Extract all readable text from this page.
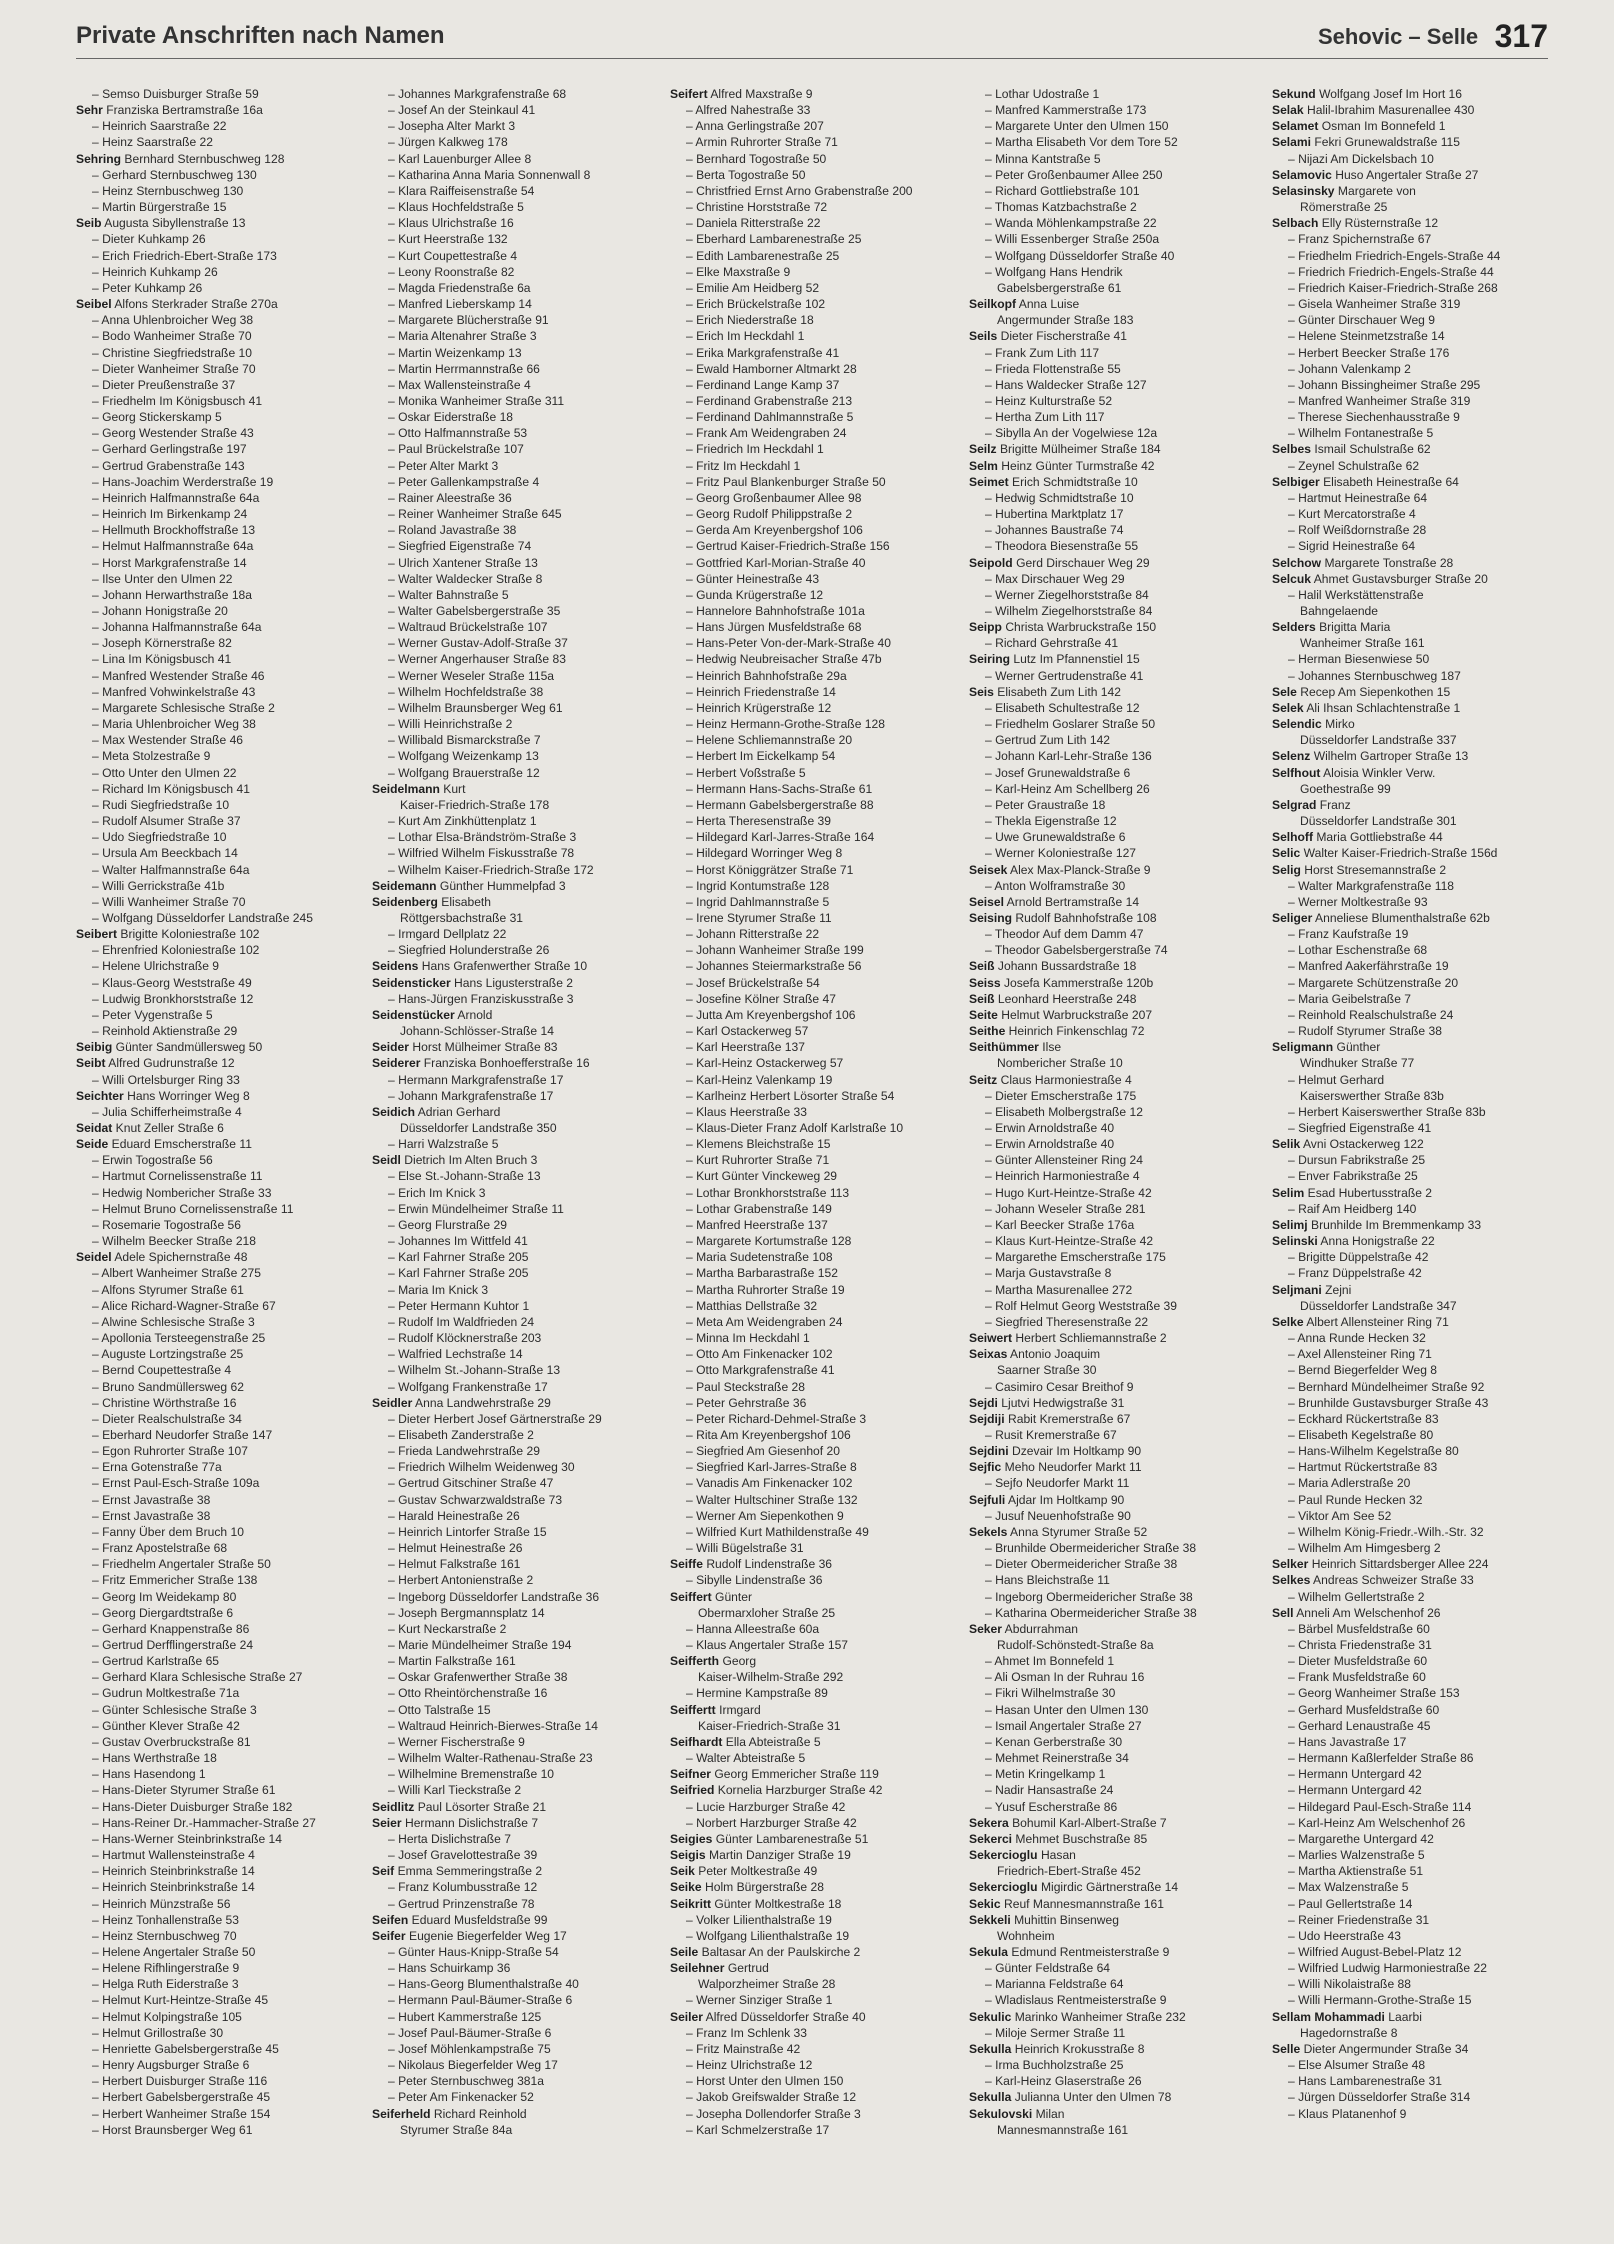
Private Anschriften nach Namen	Sehovic – Selle 317
– Semso Duisburger Straße 59
Sehr Franziska Bertramstraße 16a
– Heinrich Saarstraße 22
– Heinz Saarstraße 22
Sehring Bernhard Sternbuschweg 128
– Gerhard Sternbuschweg 130
– Heinz Sternbuschweg 130
– Martin Bürgerstraße 15
Seib Augusta Sibyllenstraße 13
– Dieter Kuhkamp 26
– Erich Friedrich-Ebert-Straße 173
– Heinrich Kuhkamp 26
– Peter Kuhkamp 26
Seibel Alfons Sterkrader Straße 270a
– Anna Uhlenbroicher Weg 38
– Bodo Wanheimer Straße 70
– Christine Siegfriedstraße 10
– Dieter Wanheimer Straße 70
– Dieter Preußenstraße 37
– Friedhelm Im Königsbusch 41
– Georg Stickerskamp 5
– Georg Westender Straße 43
– Gerhard Gerlingstraße 197
– Gertrud Grabenstraße 143
– Hans-Joachim Werderstraße 19
– Heinrich Halfmannstraße 64a
– Heinrich Im Birkenkamp 24
– Hellmuth Brockhoffstraße 13
– Helmut Halfmannstraße 64a
– Horst Markgrafenstraße 14
– Ilse Unter den Ulmen 22
– Johann Herwarthstraße 18a
– Johann Honigstraße 20
– Johanna Halfmannstraße 64a
– Joseph Körnerstraße 82
– Lina Im Königsbusch 41
– Manfred Westender Straße 46
– Manfred Vohwinkelstraße 43
– Margarete Schlesische Straße 2
– Maria Uhlenbroicher Weg 38
– Max Westender Straße 46
– Meta Stolzestraße 9
– Otto Unter den Ulmen 22
– Richard Im Königsbusch 41
– Rudi Siegfriedstraße 10
– Rudolf Alsumer Straße 37
– Udo Siegfriedstraße 10
– Ursula Am Beeckbach 14
– Walter Halfmannstraße 64a
– Willi Gerrickstraße 41b
– Willi Wanheimer Straße 70
– Wolfgang Düsseldorfer Landstraße 245
Seibert Brigitte Koloniestraße 102
– Ehrenfried Koloniestraße 102
– Helene Ulrichstraße 9
– Klaus-Georg Weststraße 49
– Ludwig Bronkhorststraße 12
– Peter Vygenstraße 5
– Reinhold Aktienstraße 29
Seibig Günter Sandmüllersweg 50
Seibt Alfred Gudrunstraße 12
– Willi Ortelsburger Ring 33
Seichter Hans Worringer Weg 8
– Julia Schifferheimstraße 4
Seidat Knut Zeller Straße 6
Seide Eduard Emscherstraße 11
– Erwin Togostraße 56
– Hartmut Cornelissenstraße 11
– Hedwig Nombericher Straße 33
– Helmut Bruno Cornelissenstraße 11
– Rosemarie Togostraße 56
– Wilhelm Beecker Straße 218
Seidel Adele Spichernstraße 48
– Albert Wanheimer Straße 275
– Alfons Styrumer Straße 61
– Alice Richard-Wagner-Straße 67
– Alwine Schlesische Straße 3
– Apollonia Tersteegenstraße 25
– Auguste Lortzingstraße 25
– Bernd Coupettestraße 4
– Bruno Sandmüllersweg 62
– Christine Wörthstraße 16
– Dieter Realschulstraße 34
– Eberhard Neudorfer Straße 147
– Egon Ruhrorter Straße 107
– Erna Gotenstraße 77a
– Ernst Paul-Esch-Straße 109a
– Ernst Javastraße 38
– Ernst Javastraße 38
– Fanny Über dem Bruch 10
– Franz Apostelstraße 68
– Friedhelm Angertaler Straße 50
– Fritz Emmericher Straße 138
– Georg Im Weidekamp 80
– Georg Diergardtstraße 6
– Gerhard Knappenstraße 86
– Gertrud Derfflingerstraße 24
– Gertrud Karlstraße 65
– Gerhard Klara Schlesische Straße 27
– Gudrun Moltkestraße 71a
– Günter Schlesische Straße 3
– Günther Klever Straße 42
– Gustav Overbruckstraße 81
– Hans Werthstraße 18
– Hans Hasendong 1
– Hans-Dieter Styrumer Straße 61
– Hans-Dieter Duisburger Straße 182
– Hans-Reiner Dr.-Hammacher-Straße 27
– Hans-Werner Steinbrinkstraße 14
– Hartmut Wallensteinstraße 4
– Heinrich Steinbrinkstraße 14
– Heinrich Steinbrinkstraße 14
– Heinrich Münzstraße 56
– Heinz Tonhallenstraße 53
– Heinz Sternbuschweg 70
– Helene Angertaler Straße 50
– Helene Rifhlingerstraße 9
– Helga Ruth Eiderstraße 3
– Helmut Kurt-Heintze-Straße 45
– Helmut Kolpingstraße 105
– Helmut Grillostraße 30
– Henriette Gabelsbergerstraße 45
– Henry Augsburger Straße 6
– Herbert Duisburger Straße 116
– Herbert Gabelsbergerstraße 45
– Herbert Wanheimer Straße 154
– Horst Braunsberger Weg 61
– Johannes Markgrafenstraße 68
– Josef An der Steinkaul 41
– Josepha Alter Markt 3
– Jürgen Kalkweg 178
– Karl Lauenburger Allee 8
– Katharina Anna Maria Sonnenwall 8
– Klara Raiffeisenstraße 54
– Klaus Hochfeldstraße 5
– Klaus Ulrichstraße 16
– Kurt Heerstraße 132
– Kurt Coupettestraße 4
– Leony Roonstraße 82
– Magda Friedenstraße 6a
– Manfred Lieberskamp 14
– Margarete Blücherstraße 91
– Maria Altenahrer Straße 3
– Martin Weizenkamp 13
– Martin Herrmannstraße 66
– Max Wallensteinstraße 4
– Monika Wanheimer Straße 311
– Oskar Eiderstraße 18
– Otto Halfmannstraße 53
– Paul Brückelstraße 107
– Peter Alter Markt 3
– Peter Gallenkampstraße 4
– Rainer Aleestraße 36
– Reiner Wanheimer Straße 645
– Roland Javastraße 38
– Siegfried Eigenstraße 74
– Ulrich Xantener Straße 13
– Walter Waldecker Straße 8
– Walter Bahnstraße 5
– Walter Gabelsbergerstraße 35
– Waltraud Brückelstraße 107
– Werner Gustav-Adolf-Straße 37
– Werner Angerhauser Straße 83
– Werner Weseler Straße 115a
– Wilhelm Hochfeldstraße 38
– Wilhelm Braunsberger Weg 61
– Willi Heinrichstraße 2
– Willibald Bismarckstraße 7
– Wolfgang Weizenkamp 13
– Wolfgang Brauerstraße 12
Seidelmann Kurt
Kaiser-Friedrich-Straße 178
– Kurt Am Zinkhüttenplatz 1
– Lothar Elsa-Brändström-Straße 3
– Wilfried Wilhelm Fiskusstraße 78
– Wilhelm Kaiser-Friedrich-Straße 172
Seidemann Günther Hummelpfad 3
Seidenberg Elisabeth
Röttgersbachstraße 31
– Irmgard Dellplatz 22
– Siegfried Holunderstraße 26
Seidens Hans Grafenwerther Straße 10
Seidensticker Hans Ligusterstraße 2
– Hans-Jürgen Franziskusstraße 3
Seidenstücker Arnold
Johann-Schlösser-Straße 14
Seider Horst Mülheimer Straße 83
Seiderer Franziska Bonhoefferstraße 16
– Hermann Markgrafenstraße 17
– Johann Markgrafenstraße 17
Seidich Adrian Gerhard
Düsseldorfer Landstraße 350
– Harri Walzstraße 5
Seidl Dietrich Im Alten Bruch 3
– Else St.-Johann-Straße 13
– Erich Im Knick 3
– Erwin Mündelheimer Straße 11
– Georg Flurstraße 29
– Johannes Im Wittfeld 41
– Karl Fahrner Straße 205
– Karl Fahrner Straße 205
– Maria Im Knick 3
– Peter Hermann Kuhtor 1
– Rudolf Im Waldfrieden 24
– Rudolf Klöcknerstraße 203
– Walfried Lechstraße 14
– Wilhelm St.-Johann-Straße 13
– Wolfgang Frankenstraße 17
Seidler Anna Landwehrstraße 29
– Dieter Herbert Josef Gärtnerstraße 29
– Elisabeth Zanderstraße 2
– Frieda Landwehrstraße 29
– Friedrich Wilhelm Weidenweg 30
– Gertrud Gitschiner Straße 47
– Gustav Schwarzwaldstraße 73
– Harald Heinestraße 26
– Heinrich Lintorfer Straße 15
– Helmut Heinestraße 26
– Helmut Falkstraße 161
– Herbert Antonienstraße 2
– Ingeborg Düsseldorfer Landstraße 36
– Joseph Bergmannsplatz 14
– Kurt Neckarstraße 2
– Marie Mündelheimer Straße 194
– Martin Falkstraße 161
– Oskar Grafenwerther Straße 38
– Otto Rheintörchenstraße 16
– Otto Talstraße 15
– Waltraud Heinrich-Bierwes-Straße 14
– Werner Fischerstraße 9
– Wilhelm Walter-Rathenau-Straße 23
– Wilhelmine Bremenstraße 10
– Willi Karl Tieckstraße 2
Seidlitz Paul Lösorter Straße 21
Seier Hermann Dislichstraße 7
– Herta Dislichstraße 7
– Josef Gravelottestraße 39
Seif Emma Semmeringstraße 2
– Franz Kolumbusstraße 12
– Gertrud Prinzenstraße 78
Seifen Eduard Musfeldstraße 99
Seifer Eugenie Biegerfelder Weg 17
– Günter Haus-Knipp-Straße 54
– Hans Schuirkamp 36
– Hans-Georg Blumenthalstraße 40
– Hermann Paul-Bäumer-Straße 6
– Hubert Kammerstraße 125
– Josef Paul-Bäumer-Straße 6
– Josef Möhlenkampstraße 75
– Nikolaus Biegerfelder Weg 17
– Peter Sternbuschweg 381a
– Peter Am Finkenacker 52
Seiferheld Richard Reinhold
Styrumer Straße 84a
Seifert Alfred Maxstraße 9
– Alfred Nahestraße 33
– Anna Gerlingstraße 207
– Armin Ruhrorter Straße 71
– Bernhard Togostraße 50
– Berta Togostraße 50
– Christfried Ernst Arno Grabenstraße 200
– Christine Horststraße 72
– Daniela Ritterstraße 22
– Eberhard Lambarenestraße 25
– Edith Lambarenestraße 25
– Elke Maxstraße 9
– Emilie Am Heidberg 52
– Erich Brückelstraße 102
– Erich Niederstraße 18
– Erich Im Heckdahl 1
– Erika Markgrafenstraße 41
– Ewald Hamborner Altmarkt 28
– Ferdinand Lange Kamp 37
– Ferdinand Grabenstraße 213
– Ferdinand Dahlmannstraße 5
– Frank Am Weidengraben 24
– Friedrich Im Heckdahl 1
– Fritz Im Heckdahl 1
– Fritz Paul Blankenburger Straße 50
– Georg Großenbaumer Allee 98
– Georg Rudolf Philippstraße 2
– Gerda Am Kreyenbergshof 106
– Gertrud Kaiser-Friedrich-Straße 156
– Gottfried Karl-Morian-Straße 40
– Günter Heinestraße 43
– Gunda Krügerstraße 12
– Hannelore Bahnhofstraße 101a
– Hans Jürgen Musfeldstraße 68
– Hans-Peter Von-der-Mark-Straße 40
– Hedwig Neubreisacher Straße 47b
– Heinrich Bahnhofstraße 29a
– Heinrich Friedenstraße 14
– Heinrich Krügerstraße 12
– Heinz Hermann-Grothe-Straße 128
– Helene Schliemannstraße 20
– Herbert Im Eickelkamp 54
– Herbert Voßstraße 5
– Hermann Hans-Sachs-Straße 61
– Hermann Gabelsbergerstraße 88
– Herta Theresenstraße 39
– Hildegard Karl-Jarres-Straße 164
– Hildegard Worringer Weg 8
– Horst Königgrätzer Straße 71
– Ingrid Kontumstraße 128
– Ingrid Dahlmannstraße 5
– Irene Styrumer Straße 11
– Johann Ritterstraße 22
– Johann Wanheimer Straße 199
– Johannes Steiermarkstraße 56
– Josef Brückelstraße 54
– Josefine Kölner Straße 47
– Jutta Am Kreyenbergshof 106
– Karl Ostackerweg 57
– Karl Heerstraße 137
– Karl-Heinz Ostackerweg 57
– Karl-Heinz Valenkamp 19
– Karlheinz Herbert Lösorter Straße 54
– Klaus Heerstraße 33
– Klaus-Dieter Franz Adolf Karlstraße 10
– Klemens Bleichstraße 15
– Kurt Ruhrorter Straße 71
– Kurt Günter Vinckeweg 29
– Lothar Bronkhorststraße 113
– Lothar Grabenstraße 149
– Manfred Heerstraße 137
– Margarete Kortumstraße 128
– Maria Sudetenstraße 108
– Martha Barbarastraße 152
– Martha Ruhrorter Straße 19
– Matthias Dellstraße 32
– Meta Am Weidengraben 24
– Minna Im Heckdahl 1
– Otto Am Finkenacker 102
– Otto Markgrafenstraße 41
– Paul Steckstraße 28
– Peter Gehrstraße 36
– Peter Richard-Dehmel-Straße 3
– Rita Am Kreyenbergshof 106
– Siegfried Am Giesenhof 20
– Siegfried Karl-Jarres-Straße 8
– Vanadis Am Finkenacker 102
– Walter Hultschiner Straße 132
– Werner Am Siepenkothen 9
– Wilfried Kurt Mathildenstraße 49
– Willi Bügelstraße 31
Seiffe Rudolf Lindenstraße 36
– Sibylle Lindenstraße 36
Seiffert Günter
Obermarxloher Straße 25
– Hanna Alleestraße 60a
– Klaus Angertaler Straße 157
Seifferth Georg
Kaiser-Wilhelm-Straße 292
– Hermine Kampstraße 89
Seiffertt Irmgard
Kaiser-Friedrich-Straße 31
Seifhardt Ella Abteistraße 5
– Walter Abteistraße 5
Seifner Georg Emmericher Straße 119
Seifried Kornelia Harzburger Straße 42
– Lucie Harzburger Straße 42
– Norbert Harzburger Straße 42
Seigies Günter Lambarenestraße 51
Seigis Martin Danziger Straße 19
Seik Peter Moltkestraße 49
Seike Holm Bürgerstraße 28
Seikritt Günter Moltkestraße 18
– Volker Lilienthalstraße 19
– Wolfgang Lilienthalstraße 19
Seile Baltasar An der Paulskirche 2
Seilehner Gertrud
Walporzheimer Straße 28
– Werner Sinziger Straße 1
Seiler Alfred Düsseldorfer Straße 40
– Franz Im Schlenk 33
– Fritz Mainstraße 42
– Heinz Ulrichstraße 12
– Horst Unter den Ulmen 150
– Jakob Greifswalder Straße 12
– Josepha Dollendorfer Straße 3
– Karl Schmelzerstraße 17
– Lothar Udostraße 1
– Manfred Kammerstraße 173
– Margarete Unter den Ulmen 150
– Martha Elisabeth Vor dem Tore 52
– Minna Kantstraße 5
– Peter Großenbaumer Allee 250
– Richard Gottliebstraße 101
– Thomas Katzbachstraße 2
– Wanda Möhlenkampstraße 22
– Willi Essenberger Straße 250a
– Wolfgang Düsseldorfer Straße 40
– Wolfgang Hans Hendrik
Gabelsbergerstraße 61
Seilkopf Anna Luise
Angermunder Straße 183
Seils Dieter Fischerstraße 41
– Frank Zum Lith 117
– Frieda Flottenstraße 55
– Hans Waldecker Straße 127
– Heinz Kulturstraße 52
– Hertha Zum Lith 117
– Sibylla An der Vogelwiese 12a
Seilz Brigitte Mülheimer Straße 184
Selm Heinz Günter Turmstraße 42
Seimet Erich Schmidtstraße 10
– Hedwig Schmidtstraße 10
– Hubertina Marktplatz 17
– Johannes Baustraße 74
– Theodora Biesenstraße 55
Seipold Gerd Dirschauer Weg 29
– Max Dirschauer Weg 29
– Werner Ziegelhorststraße 84
– Wilhelm Ziegelhorststraße 84
Seipp Christa Warbruckstraße 150
– Richard Gehrstraße 41
Seiring Lutz Im Pfannenstiel 15
– Werner Gertrudenstraße 41
Seis Elisabeth Zum Lith 142
– Elisabeth Schultestraße 12
– Friedhelm Goslarer Straße 50
– Gertrud Zum Lith 142
– Johann Karl-Lehr-Straße 136
– Josef Grunewaldstraße 6
– Karl-Heinz Am Schellberg 26
– Peter Graustraße 18
– Thekla Eigenstraße 12
– Uwe Grunewaldstraße 6
– Werner Koloniestraße 127
Seisek Alex Max-Planck-Straße 9
– Anton Wolframstraße 30
Seisel Arnold Bertramstraße 14
Seising Rudolf Bahnhofstraße 108
– Theodor Auf dem Damm 47
– Theodor Gabelsbergerstraße 74
Seiß Johann Bussardstraße 18
Seiss Josefa Kammerstraße 120b
Seiß Leonhard Heerstraße 248
Seite Helmut Warbruckstraße 207
Seithe Heinrich Finkenschlag 72
Seithümmer Ilse
Nombericher Straße 10
Seitz Claus Harmoniestraße 4
– Dieter Emscherstraße 175
– Elisabeth Molbergstraße 12
– Erwin Arnoldstraße 40
– Erwin Arnoldstraße 40
– Günter Allensteiner Ring 24
– Heinrich Harmoniestraße 4
– Hugo Kurt-Heintze-Straße 42
– Johann Weseler Straße 281
– Karl Beecker Straße 176a
– Klaus Kurt-Heintze-Straße 42
– Margarethe Emscherstraße 175
– Marja Gustavstraße 8
– Martha Masurenallee 272
– Rolf Helmut Georg Weststraße 39
– Siegfried Theresenstraße 22
Seiwert Herbert Schliemannstraße 2
Seixas Antonio Joaquim
Saarner Straße 30
– Casimiro Cesar Breithof 9
Sejdi Ljutvi Hedwigstraße 31
Sejdiji Rabit Kremerstraße 67
– Rusit Kremerstraße 67
Sejdini Dzevair Im Holtkamp 90
Sejfic Meho Neudorfer Markt 11
– Sejfo Neudorfer Markt 11
Sejfuli Ajdar Im Holtkamp 90
– Jusuf Neuenhofstraße 90
Sekels Anna Styrumer Straße 52
– Brunhilde Obermeidericher Straße 38
– Dieter Obermeidericher Straße 38
– Hans Bleichstraße 11
– Ingeborg Obermeidericher Straße 38
– Katharina Obermeidericher Straße 38
Seker Abdurrahman
Rudolf-Schönstedt-Straße 8a
– Ahmet Im Bonnefeld 1
– Ali Osman In der Ruhrau 16
– Fikri Wilhelmstraße 30
– Hasan Unter den Ulmen 130
– Ismail Angertaler Straße 27
– Kenan Gerberstraße 30
– Mehmet Reinerstraße 34
– Metin Kringelkamp 1
– Nadir Hansastraße 24
– Yusuf Escherstraße 86
Sekera Bohumil Karl-Albert-Straße 7
Sekerci Mehmet Buschstraße 85
Sekercioglu Hasan
Friedrich-Ebert-Straße 452
Sekercioglu Migirdic Gärtnerstraße 14
Sekic Reuf Mannesmannstraße 161
Sekkeli Muhittin Binsenweg
Wohnheim
Sekula Edmund Rentmeisterstraße 9
– Günter Feldstraße 64
– Marianna Feldstraße 64
– Wladislaus Rentmeisterstraße 9
Sekulic Marinko Wanheimer Straße 232
– Miloje Sermer Straße 11
Sekulla Heinrich Krokusstraße 8
– Irma Buchholzstraße 25
– Karl-Heinz Glaserstraße 26
Sekulla Julianna Unter den Ulmen 78
Sekulovski Milan
Mannesmannstraße 161
Sekund Wolfgang Josef Im Hort 16
Selak Halil-Ibrahim Masurenallee 430
Selamet Osman Im Bonnefeld 1
Selami Fekri Grunewaldstraße 115
– Nijazi Am Dickelsbach 10
Selamovic Huso Angertaler Straße 27
Selasinsky Margarete von
Römerstraße 25
Selbach Elly Rüsternstraße 12
– Franz Spichernstraße 67
– Friedhelm Friedrich-Engels-Straße 44
– Friedrich Friedrich-Engels-Straße 44
– Friedrich Kaiser-Friedrich-Straße 268
– Gisela Wanheimer Straße 319
– Günter Dirschauer Weg 9
– Helene Steinmetzstraße 14
– Herbert Beecker Straße 176
– Johann Valenkamp 2
– Johann Bissingheimer Straße 295
– Manfred Wanheimer Straße 319
– Therese Siechenhausstraße 9
– Wilhelm Fontanestraße 5
Selbes Ismail Schulstraße 62
– Zeynel Schulstraße 62
Selbiger Elisabeth Heinestraße 64
– Hartmut Heinestraße 64
– Kurt Mercatorstraße 4
– Rolf Weißdornstraße 28
– Sigrid Heinestraße 64
Selchow Margarete Tonstraße 28
Selcuk Ahmet Gustavsburger Straße 20
– Halil Werkstättenstraße
Bahngelaende
Selders Brigitta Maria
Wanheimer Straße 161
– Herman Biesenwiese 50
– Johannes Sternbuschweg 187
Sele Recep Am Siepenkothen 15
Selek Ali Ihsan Schlachtenstraße 1
Selendic Mirko
Düsseldorfer Landstraße 337
Selenz Wilhelm Gartroper Straße 13
Selfhout Aloisia Winkler Verw.
Goethestraße 99
Selgrad Franz
Düsseldorfer Landstraße 301
Selhoff Maria Gottliebstraße 44
Selic Walter Kaiser-Friedrich-Straße 156d
Selig Horst Stresemannstraße 2
– Walter Markgrafenstraße 118
– Werner Moltkestraße 93
Seliger Anneliese Blumenthalstraße 62b
– Franz Kaufstraße 19
– Lothar Eschenstraße 68
– Manfred Aakerfährstraße 19
– Margarete Schützenstraße 20
– Maria Geibelstraße 7
– Reinhold Realschulstraße 24
– Rudolf Styrumer Straße 38
Seligmann Günther
Windhuker Straße 77
– Helmut Gerhard
Kaiserswerther Straße 83b
– Herbert Kaiserswerther Straße 83b
– Siegfried Eigenstraße 41
Selik Avni Ostackerweg 122
– Dursun Fabrikstraße 25
– Enver Fabrikstraße 25
Selim Esad Hubertusstraße 2
– Raif Am Heidberg 140
Selimj Brunhilde Im Bremmenkamp 33
Selinski Anna Honigstraße 22
– Brigitte Düppelstraße 42
– Franz Düppelstraße 42
Seljmani Zejni
Düsseldorfer Landstraße 347
Selke Albert Allensteiner Ring 71
– Anna Runde Hecken 32
– Axel Allensteiner Ring 71
– Bernd Biegerfelder Weg 8
– Bernhard Mündelheimer Straße 92
– Brunhilde Gustavsburger Straße 43
– Eckhard Rückertstraße 83
– Elisabeth Kegelstraße 80
– Hans-Wilhelm Kegelstraße 80
– Hartmut Rückertstraße 83
– Maria Adlerstraße 20
– Paul Runde Hecken 32
– Viktor Am See 52
– Wilhelm König-Friedr.-Wilh.-Str. 32
– Wilhelm Am Himgesberg 2
Selker Heinrich Sittardsberger Allee 224
Selkes Andreas Schweizer Straße 33
– Wilhelm Gellertstraße 2
Sell Anneli Am Welschenhof 26
– Bärbel Musfeldstraße 60
– Christa Friedenstraße 31
– Dieter Musfeldstraße 60
– Frank Musfeldstraße 60
– Georg Wanheimer Straße 153
– Gerhard Musfeldstraße 60
– Gerhard Lenaustraße 45
– Hans Javastraße 17
– Hermann Kaßlerfelder Straße 86
– Hermann Untergard 42
– Hermann Untergard 42
– Hildegard Paul-Esch-Straße 114
– Karl-Heinz Am Welschenhof 26
– Margarethe Untergard 42
– Marlies Walzenstraße 5
– Martha Aktienstraße 51
– Max Walzenstraße 5
– Paul Gellertstraße 14
– Reiner Friedenstraße 31
– Udo Heerstraße 43
– Wilfried August-Bebel-Platz 12
– Wilfried Ludwig Harmoniestraße 22
– Willi Nikolaistraße 88
– Willi Hermann-Grothe-Straße 15
Sellam Mohammadi Laarbi
Hagedornstraße 8
Selle Dieter Angermunder Straße 34
– Else Alsumer Straße 48
– Hans Lambarenestraße 31
– Jürgen Düsseldorfer Straße 314
– Klaus Platanenhof 9
